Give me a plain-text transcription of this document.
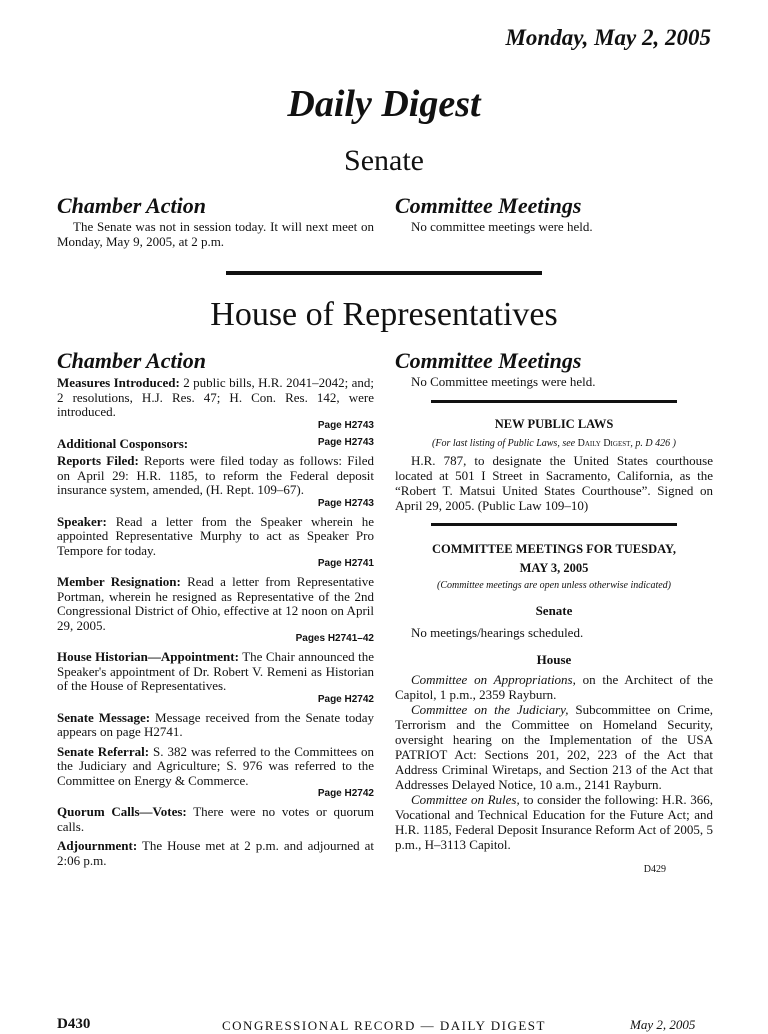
Monday, May 2, 2005
Daily Digest
Senate
Chamber Action
The Senate was not in session today. It will next meet on Monday, May 9, 2005, at 2 p.m.
Committee Meetings
No committee meetings were held.
House of Representatives
Chamber Action
Measures Introduced: 2 public bills, H.R. 2041–2042; and; 2 resolutions, H.J. Res. 47; H. Con. Res. 142, were introduced.
Page H2743
Additional Cosponsors:	Page H2743
Reports Filed: Reports were filed today as follows: Filed on April 29: H.R. 1185, to reform the Federal deposit insurance system, amended, (H. Rept. 109–67).
Page H2743
Speaker: Read a letter from the Speaker wherein he appointed Representative Murphy to act as Speaker Pro Tempore for today.
Page H2741
Member Resignation: Read a letter from Representative Portman, wherein he resigned as Representative of the 2nd Congressional District of Ohio, effective at 12 noon on April 29, 2005.
Pages H2741–42
House Historian—Appointment: The Chair announced the Speaker's appointment of Dr. Robert V. Remeni as Historian of the House of Representatives.
Page H2742
Senate Message: Message received from the Senate today appears on page H2741.
Senate Referral: S. 382 was referred to the Committees on the Judiciary and Agriculture; S. 976 was referred to the Committee on Energy & Commerce.
Page H2742
Quorum Calls—Votes: There were no votes or quorum calls.
Adjournment: The House met at 2 p.m. and adjourned at 2:06 p.m.
Committee Meetings
No Committee meetings were held.
NEW PUBLIC LAWS
(For last listing of Public Laws, see Daily Digest, p. D 426 )
H.R. 787, to designate the United States courthouse located at 501 I Street in Sacramento, California, as the “Robert T. Matsui United States Courthouse”. Signed on April 29, 2005. (Public Law 109–10)
COMMITTEE MEETINGS FOR TUESDAY,
MAY 3, 2005
(Committee meetings are open unless otherwise indicated)
Senate
No meetings/hearings scheduled.
House
Committee on Appropriations, on the Architect of the Capitol, 1 p.m., 2359 Rayburn.
Committee on the Judiciary, Subcommittee on Crime, Terrorism and the Committee on Homeland Security, oversight hearing on the Implementation of the USA PATRIOT Act: Sections 201, 202, 223 of the Act that Address Criminal Wiretaps, and Section 213 of the Act that Addresses Delayed Notice, 10 a.m., 2141 Rayburn.
Committee on Rules, to consider the following: H.R. 366, Vocational and Technical Education for the Future Act; and H.R. 1185, Federal Deposit Insurance Reform Act of 2005, 5 p.m., H–3113 Capitol.
D429
D430	CONGRESSIONAL RECORD — DAILY DIGEST	May 2, 2005
